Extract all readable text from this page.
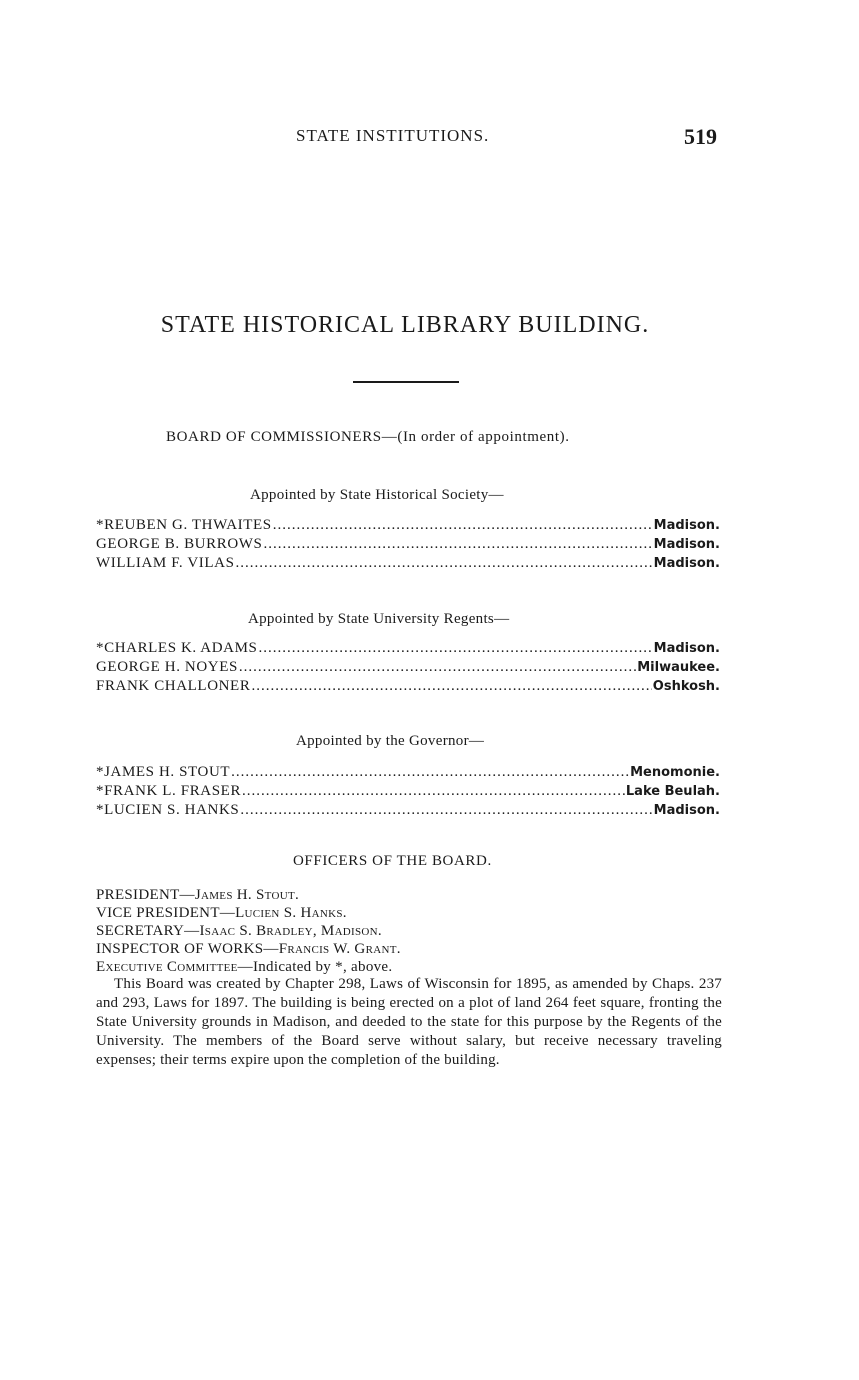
STATE INSTITUTIONS.	519
STATE HISTORICAL LIBRARY BUILDING.
BOARD OF COMMISSIONERS—(In order of appointment).
Appointed by State Historical Society—
*REUBEN G. THWAITES .....	Madison.
GEORGE B. BURROWS .....	Madison.
WILLIAM F. VILAS .....	Madison.
Appointed by State University Regents—
*CHARLES K. ADAMS .....	Madison.
GEORGE H. NOYES .....	Milwaukee.
FRANK CHALLONER .....	Oshkosh.
Appointed by the Governor—
*JAMES H. STOUT .....	Menomonie.
*FRANK L. FRASER .....	Lake Beulah.
*LUCIEN S. HANKS .....	Madison.
OFFICERS OF THE BOARD.
PRESIDENT—James H. Stout.
VICE PRESIDENT—Lucien S. Hanks.
SECRETARY—Isaac S. Bradley, Madison.
INSPECTOR OF WORKS—Francis W. Grant.
Executive Committee—Indicated by *, above.
This Board was created by Chapter 298, Laws of Wisconsin for 1895, as amended by Chaps. 237 and 293, Laws for 1897. The building is being erected on a plot of land 264 feet square, fronting the State University grounds in Madison, and deeded to the state for this purpose by the Regents of the University. The members of the Board serve without salary, but receive necessary traveling expenses; their terms expire upon the completion of the building.
